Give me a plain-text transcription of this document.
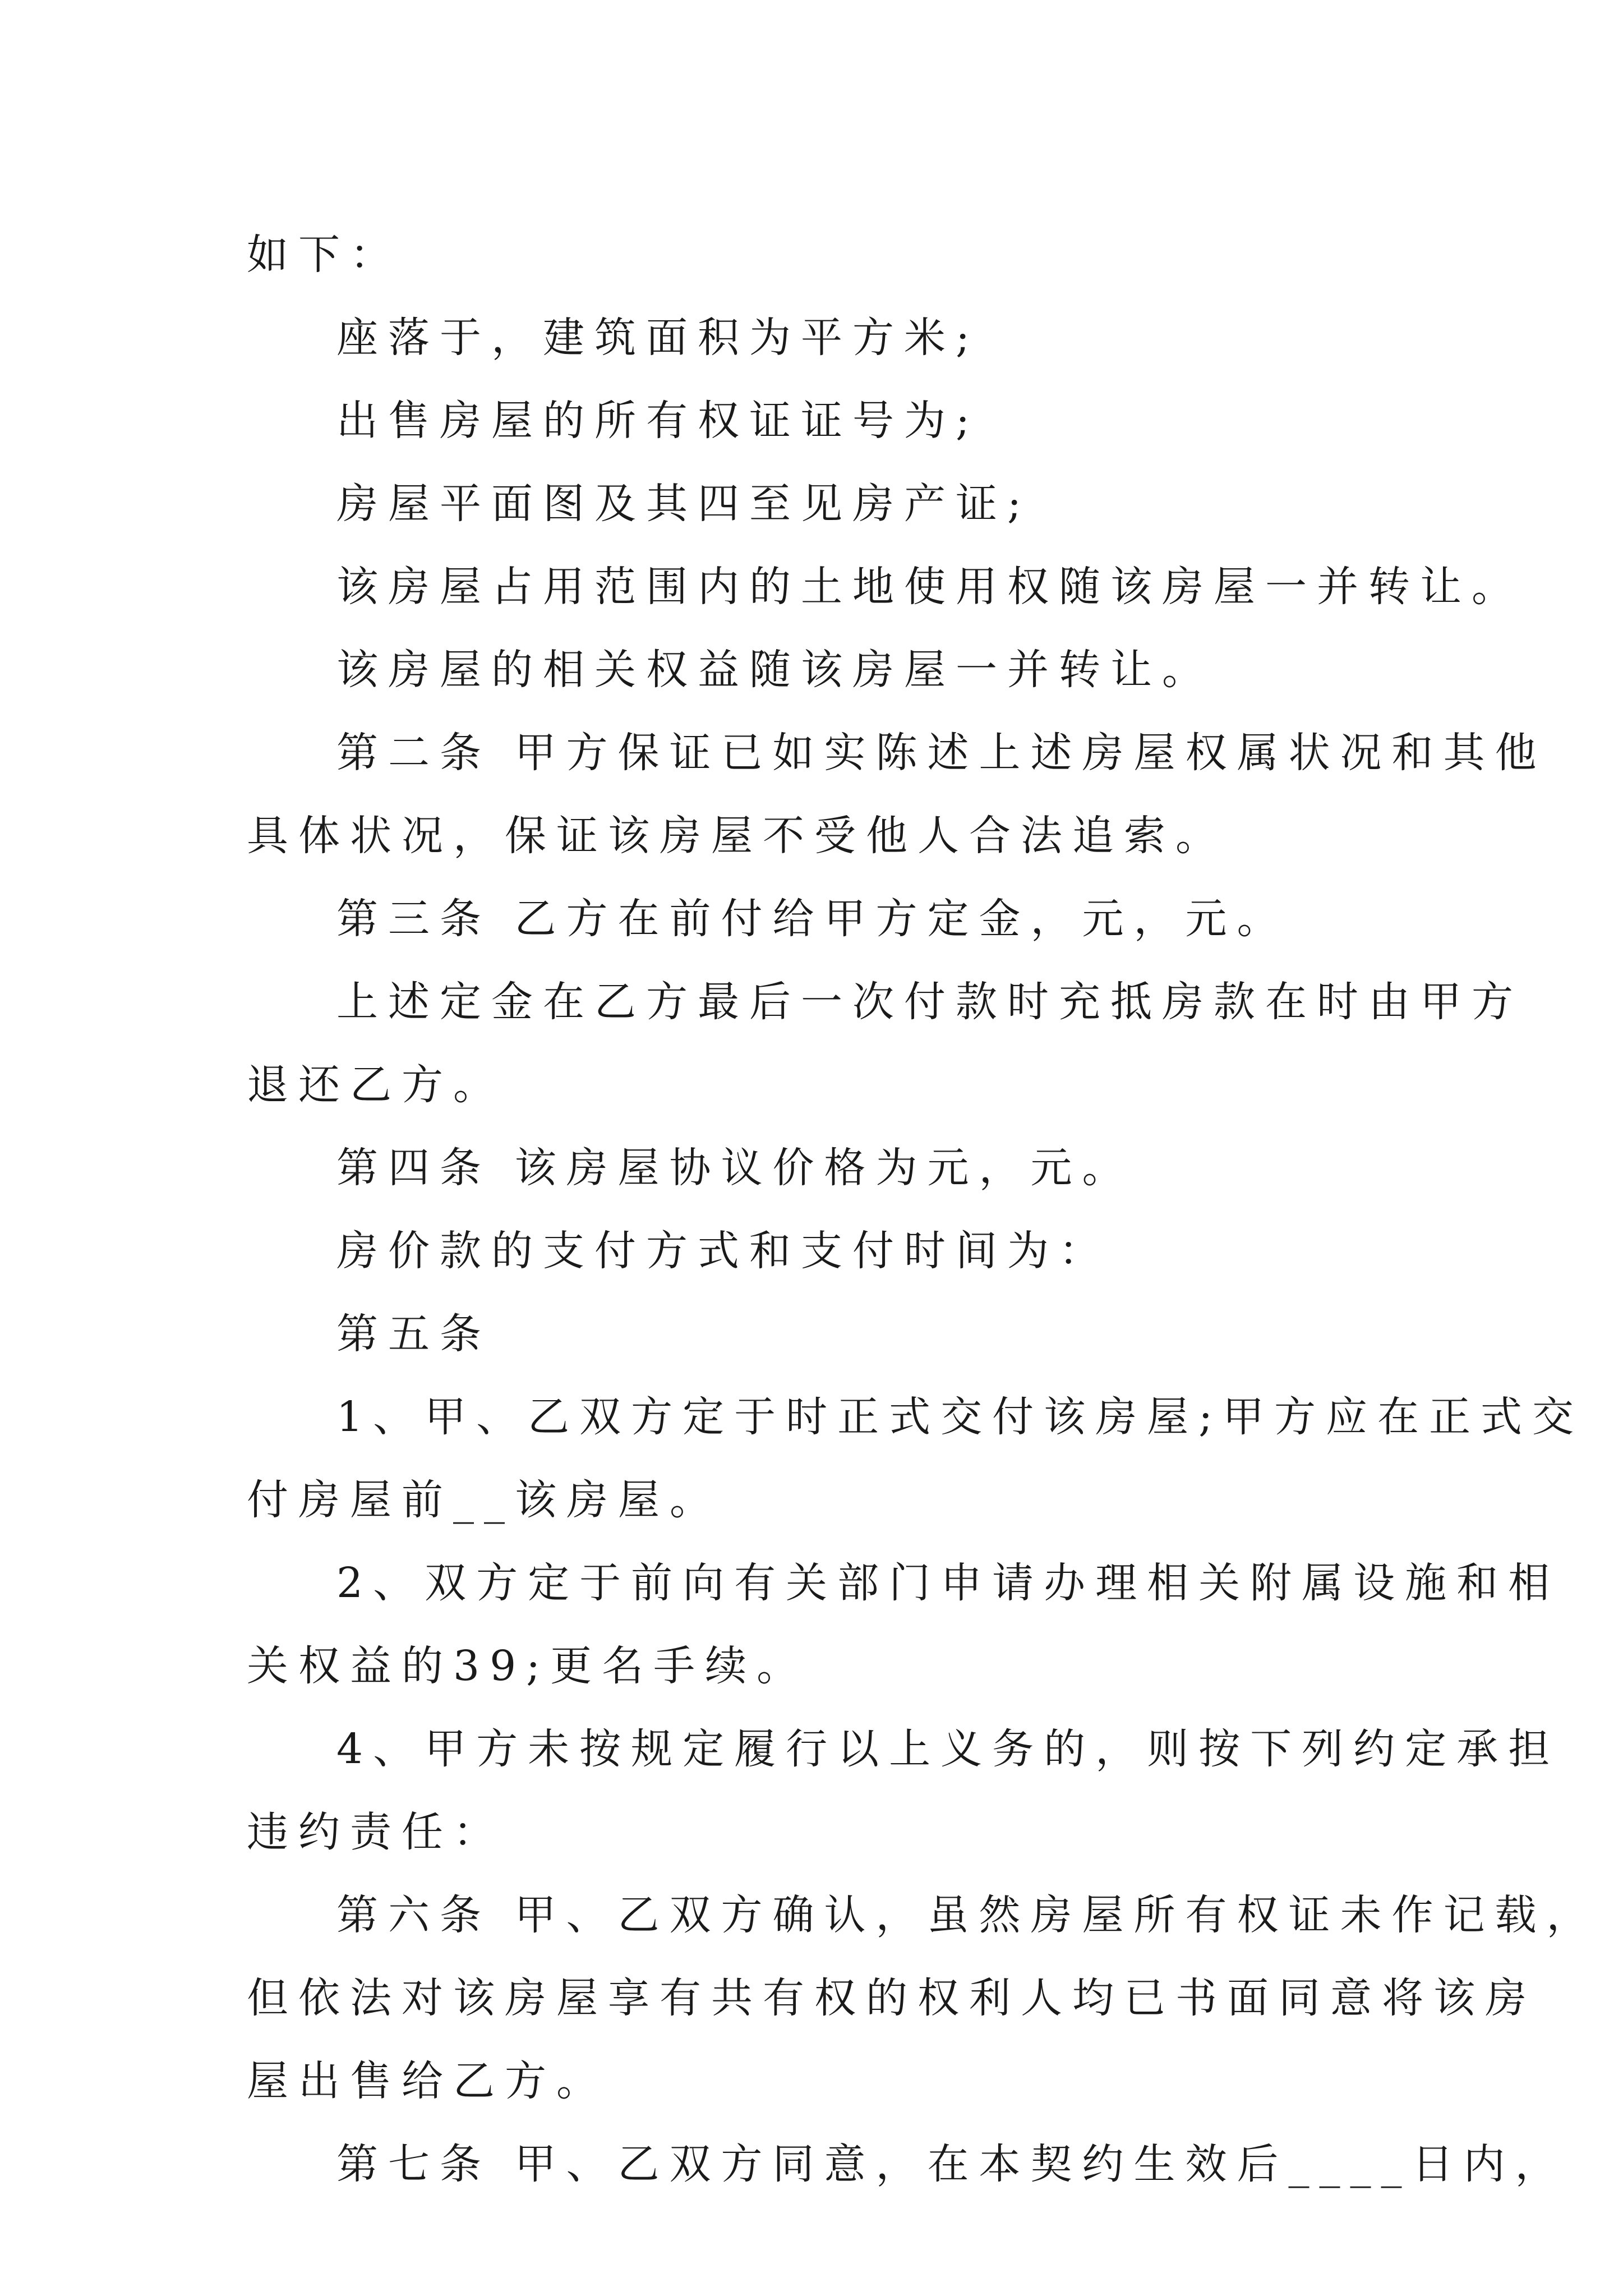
如下：

座落于，建筑面积为平方米;

出售房屋的所有权证证号为;

房屋平面图及其四至见房产证;

该房屋占用范围内的土地使用权随该房屋一并转让。

该房屋的相关权益随该房屋一并转让。

第二条 甲方保证已如实陈述上述房屋权属状况和其他

具体状况，保证该房屋不受他人合法追索。

第三条 乙方在前付给甲方定金，元，元。

上述定金在乙方最后一次付款时充抵房款在时由甲方

退还乙方。

第四条 该房屋协议价格为元，元。

房价款的支付方式和支付时间为：

第五条

1、甲、乙双方定于时正式交付该房屋;甲方应在正式交

付房屋前__该房屋。

2、双方定于前向有关部门申请办理相关附属设施和相

关权益的39;更名手续。

4、甲方未按规定履行以上义务的，则按下列约定承担

违约责任：

第六条 甲、乙双方确认，虽然房屋所有权证未作记载，

但依法对该房屋享有共有权的权利人均已书面同意将该房

屋出售给乙方。

第七条 甲、乙双方同意，在本契约生效后____日内，
